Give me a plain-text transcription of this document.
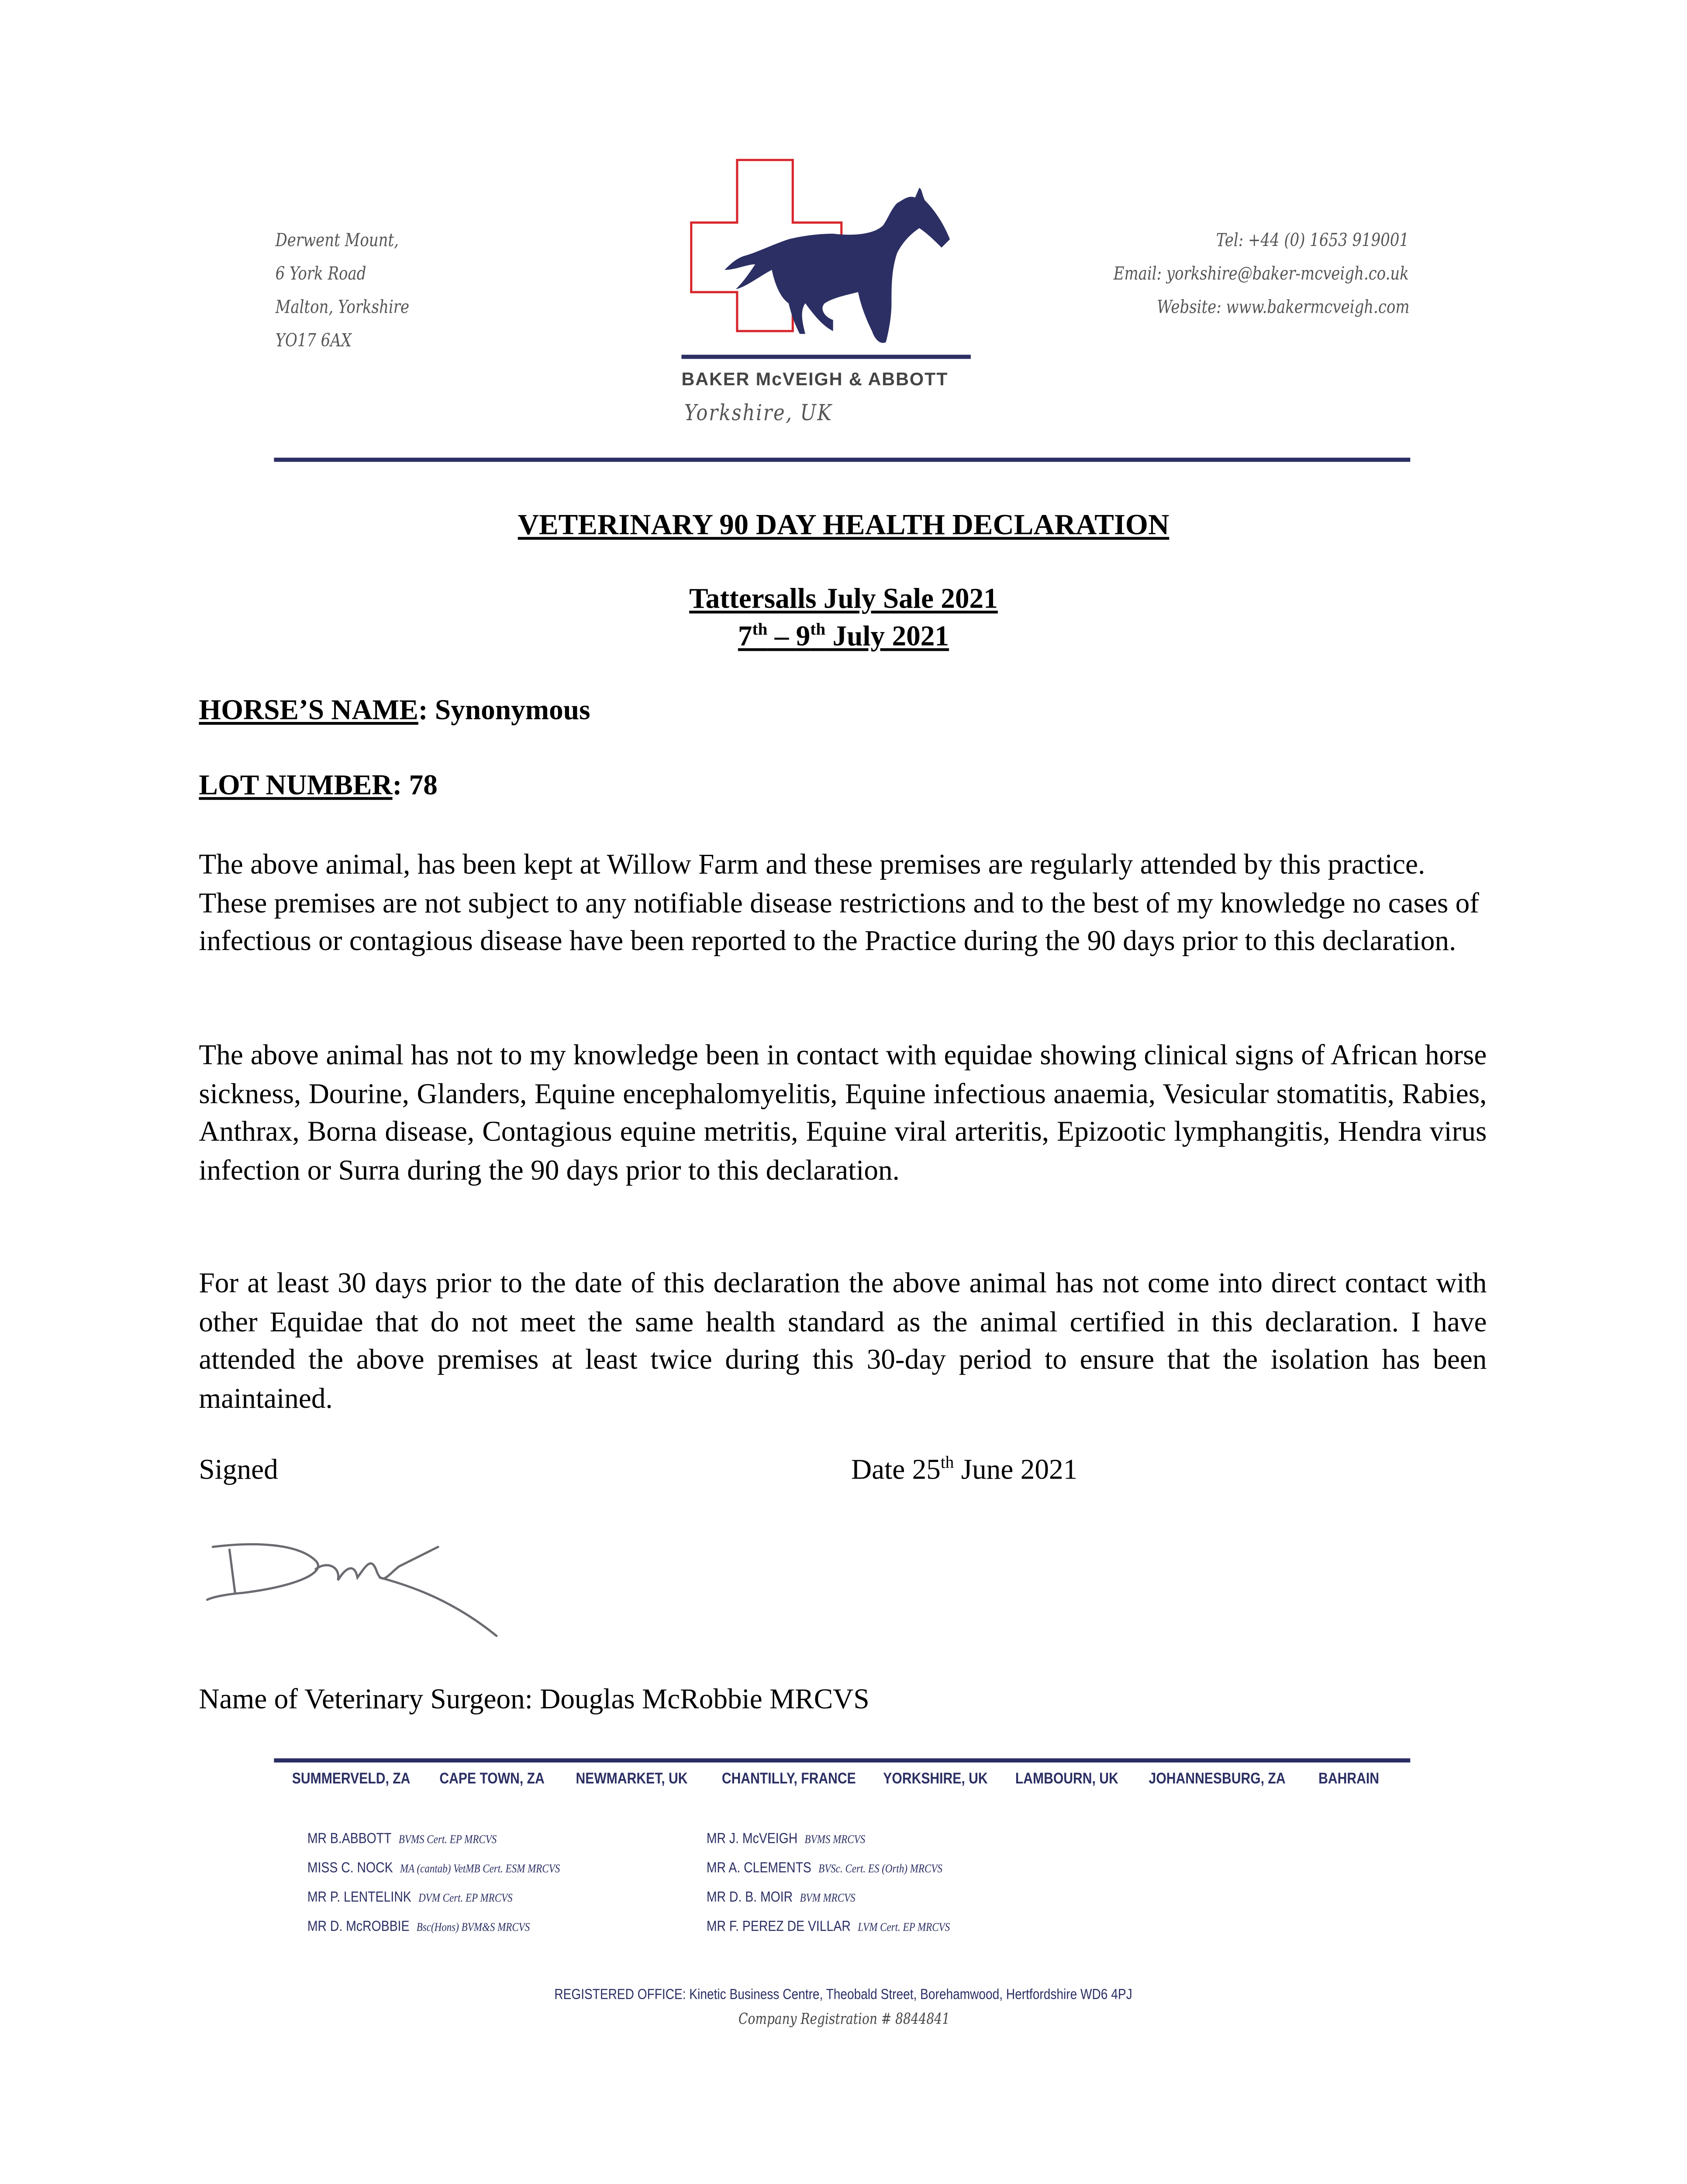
Derwent Mount,
6 York Road
Malton, Yorkshire
YO17 6AX
BAKER McVEIGH & ABBOTT
Yorkshire, UK
Tel: +44 (0) 1653 919001
Email: yorkshire@baker-mcveigh.co.uk
Website: www.bakermcveigh.com
VETERINARY 90 DAY HEALTH DECLARATION
Tattersalls July Sale 2021
7th – 9th July 2021
HORSE’S NAME: Synonymous
LOT NUMBER: 78
The above animal, has been kept at Willow Farm and these premises are regularly attended by this practice. These premises are not subject to any notifiable disease restrictions and to the best of my knowledge no cases of infectious or contagious disease have been reported to the Practice during the 90 days prior to this declaration.
The above animal has not to my knowledge been in contact with equidae showing clinical signs of African horse sickness, Dourine, Glanders, Equine encephalomyelitis, Equine infectious anaemia, Vesicular stomatitis, Rabies, Anthrax, Borna disease, Contagious equine metritis, Equine viral arteritis, Epizootic lymphangitis, Hendra virus infection or Surra during the 90 days prior to this declaration.
For at least 30 days prior to the date of this declaration the above animal has not come into direct contact with other Equidae that do not meet the same health standard as the animal certified in this declaration. I have attended the above premises at least twice during this 30-day period to ensure that the isolation has been maintained.
Signed	Date 25th June 2021
Name of Veterinary Surgeon: Douglas McRobbie MRCVS
SUMMERVELD, ZA	CAPE TOWN, ZA	NEWMARKET, UK	CHANTILLY, FRANCE	YORKSHIRE, UK	LAMBOURN, UK	JOHANNESBURG, ZA	BAHRAIN
MR B.ABBOTT BVMS Cert. EP MRCVS
MISS C. NOCK MA (cantab) VetMB Cert. ESM MRCVS
MR P. LENTELINK DVM Cert. EP MRCVS
MR D. McROBBIE Bsc(Hons) BVM&S MRCVS
MR J. McVEIGH BVMS MRCVS
MR A. CLEMENTS BVSc. Cert. ES (Orth) MRCVS
MR D. B. MOIR BVM MRCVS
MR F. PEREZ DE VILLAR LVM Cert. EP MRCVS
REGISTERED OFFICE: Kinetic Business Centre, Theobald Street, Borehamwood, Hertfordshire WD6 4PJ
Company Registration # 8844841
